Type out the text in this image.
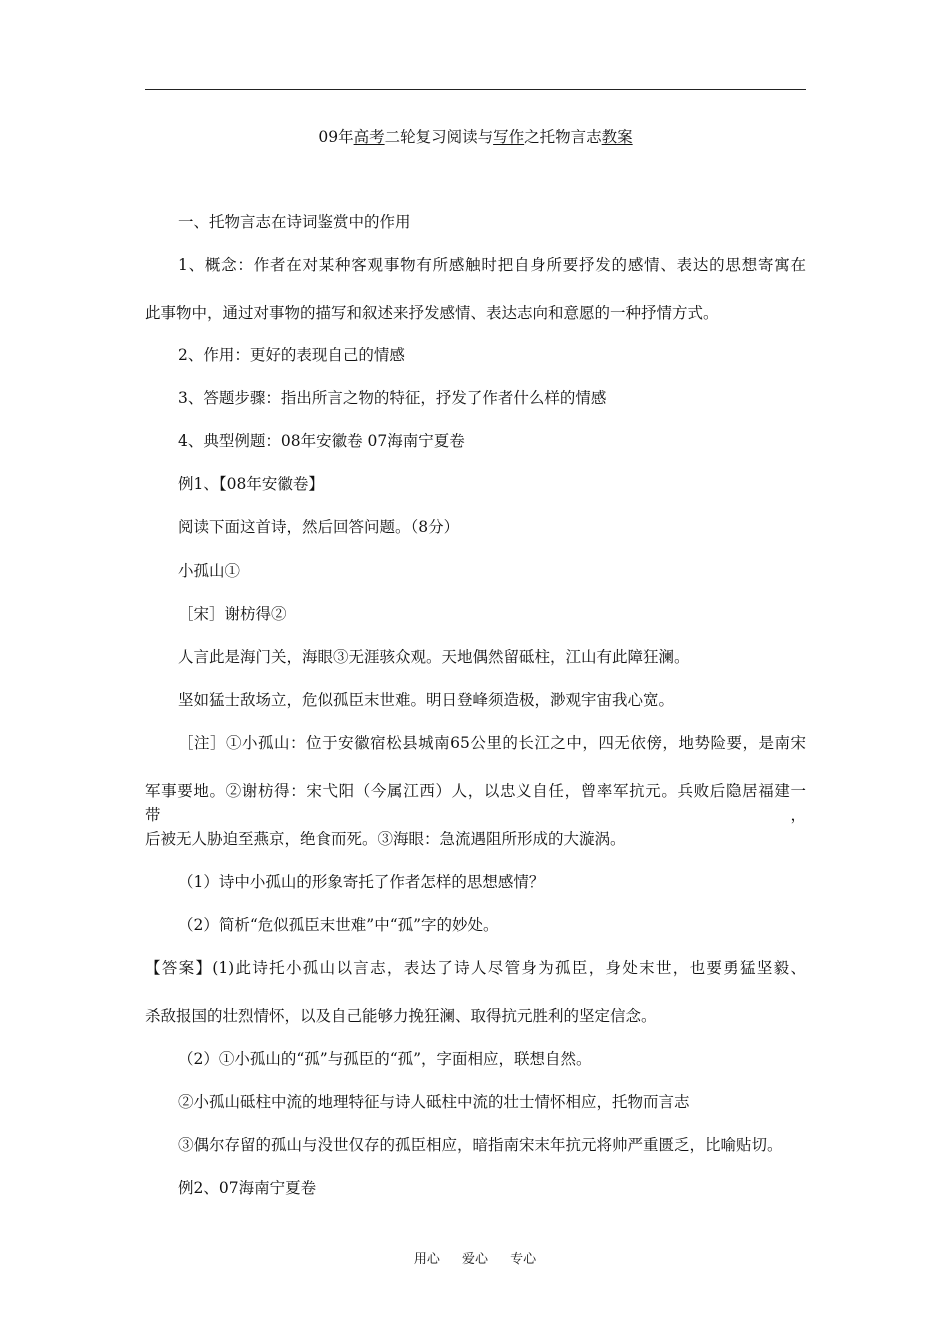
09年高考二轮复习阅读与写作之托物言志教案
一、托物言志在诗词鉴赏中的作用
1、概念：作者在对某种客观事物有所感触时把自身所要抒发的感情、表达的思想寄寓在
此事物中，通过对事物的描写和叙述来抒发感情、表达志向和意愿的一种抒情方式。
2、作用：更好的表现自己的情感
3、答题步骤：指出所言之物的特征，抒发了作者什么样的情感
4、典型例题：08年安徽卷 07海南宁夏卷
例1、【08年安徽卷】
阅读下面这首诗，然后回答问题。（8分）
小孤山①
［宋］谢枋得②
人言此是海门关，海眼③无涯骇众观。天地偶然留砥柱，江山有此障狂澜。
坚如猛士敌场立，危似孤臣末世难。明日登峰须造极，渺观宇宙我心宽。
［注］①小孤山：位于安徽宿松县城南65公里的长江之中，四无依傍，地势险要，是南宋
军事要地。②谢枋得：宋弋阳（今属江西）人，以忠义自任，曾率军抗元。兵败后隐居福建一带，
后被无人胁迫至燕京，绝食而死。③海眼：急流遇阻所形成的大漩涡。
（1）诗中小孤山的形象寄托了作者怎样的思想感情？
（2）简析“危似孤臣末世难”中“孤”字的妙处。
【答案】(1)此诗托小孤山以言志，表达了诗人尽管身为孤臣，身处末世，也要勇猛坚毅、
杀敌报国的壮烈情怀，以及自己能够力挽狂澜、取得抗元胜利的坚定信念。
（2）①小孤山的“孤”与孤臣的“孤”，字面相应，联想自然。
②小孤山砥柱中流的地理特征与诗人砥柱中流的壮士情怀相应，托物而言志
③偶尔存留的孤山与没世仅存的孤臣相应，暗指南宋末年抗元将帅严重匮乏，比喻贴切。
例2、07海南宁夏卷
用心 爱心 专心
